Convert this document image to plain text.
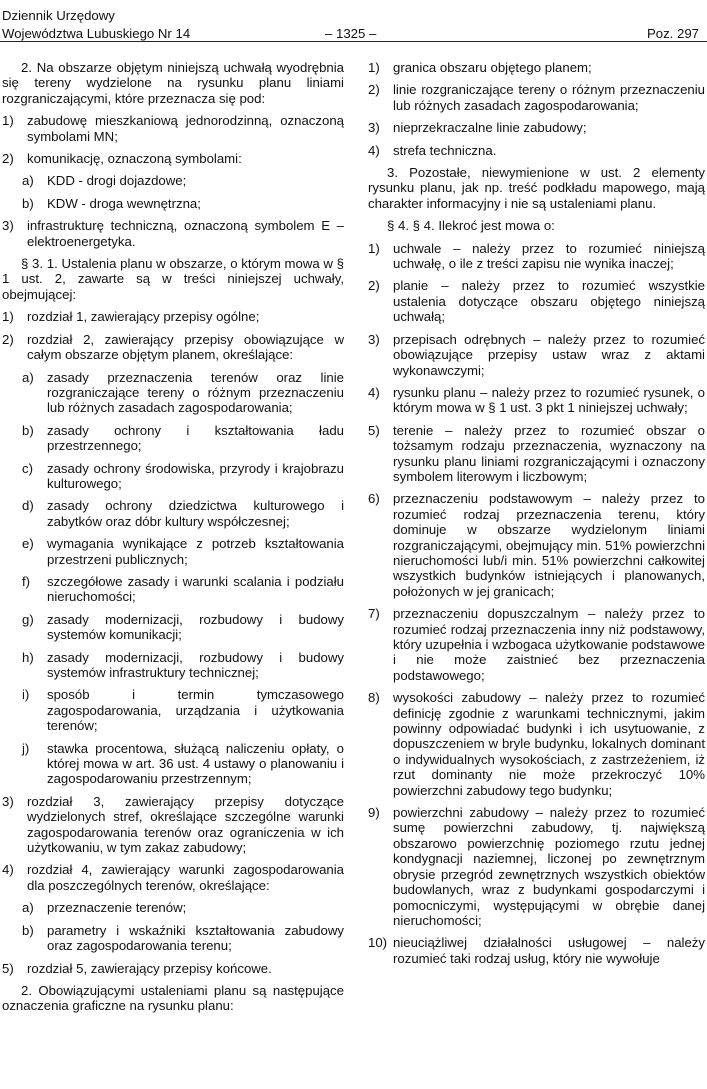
Dziennik Urzędowy
Województwa Lubuskiego Nr 14	– 1325 –	Poz. 297
2. Na obszarze objętym niniejszą uchwałą wyodrębnia się tereny wydzielone na rysunku planu liniami rozgraniczającymi, które przeznacza się pod:
1) zabudowę mieszkaniową jednorodzinną, oznaczoną symbolami MN;
2) komunikację, oznaczoną symbolami:
a) KDD - drogi dojazdowe;
b) KDW - droga wewnętrzna;
3) infrastrukturę techniczną, oznaczoną symbolem E – elektroenergetyka.
§ 3. 1. Ustalenia planu w obszarze, o którym mowa w § 1 ust. 2, zawarte są w treści niniejszej uchwały, obejmującej:
1) rozdział 1, zawierający przepisy ogólne;
2) rozdział 2, zawierający przepisy obowiązujące w całym obszarze objętym planem, określające:
a) zasady przeznaczenia terenów oraz linie rozgraniczające tereny o różnym przeznaczeniu lub różnych zasadach zagospodarowania;
b) zasady ochrony i kształtowania ładu przestrzennego;
c) zasady ochrony środowiska, przyrody i krajobrazu kulturowego;
d) zasady ochrony dziedzictwa kulturowego i zabytków oraz dóbr kultury współczesnej;
e) wymagania wynikające z potrzeb kształtowania przestrzeni publicznych;
f) szczegółowe zasady i warunki scalania i podziału nieruchomości;
g) zasady modernizacji, rozbudowy i budowy systemów komunikacji;
h) zasady modernizacji, rozbudowy i budowy systemów infrastruktury technicznej;
i) sposób i termin tymczasowego zagospodarowania, urządzania i użytkowania terenów;
j) stawka procentowa, służącą naliczeniu opłaty, o której mowa w art. 36 ust. 4 ustawy o planowaniu i zagospodarowaniu przestrzennym;
3) rozdział 3, zawierający przepisy dotyczące wydzielonych stref, określające szczególne warunki zagospodarowania terenów oraz ograniczenia w ich użytkowaniu, w tym zakaz zabudowy;
4) rozdział 4, zawierający warunki zagospodarowania dla poszczególnych terenów, określające:
a) przeznaczenie terenów;
b) parametry i wskaźniki kształtowania zabudowy oraz zagospodarowania terenu;
5) rozdział 5, zawierający przepisy końcowe.
2. Obowiązującymi ustaleniami planu są następujące oznaczenia graficzne na rysunku planu:
1) granica obszaru objętego planem;
2) linie rozgraniczające tereny o różnym przeznaczeniu lub różnych zasadach zagospodarowania;
3) nieprzekraczalne linie zabudowy;
4) strefa techniczna.
3. Pozostałe, niewymienione w ust. 2 elementy rysunku planu, jak np. treść podkładu mapowego, mają charakter informacyjny i nie są ustaleniami planu.
§ 4. § 4. Ilekroć jest mowa o:
1) uchwale – należy przez to rozumieć niniejszą uchwałę, o ile z treści zapisu nie wynika inaczej;
2) planie – należy przez to rozumieć wszystkie ustalenia dotyczące obszaru objętego niniejszą uchwałą;
3) przepisach odrębnych – należy przez to rozumieć obowiązujące przepisy ustaw wraz z aktami wykonawczymi;
4) rysunku planu – należy przez to rozumieć rysunek, o którym mowa w § 1 ust. 3 pkt 1 niniejszej uchwały;
5) terenie – należy przez to rozumieć obszar o tożsamym rodzaju przeznaczenia, wyznaczony na rysunku planu liniami rozgraniczającymi i oznaczony symbolem literowym i liczbowym;
6) przeznaczeniu podstawowym – należy przez to rozumieć rodzaj przeznaczenia terenu, który dominuje w obszarze wydzielonym liniami rozgraniczającymi, obejmujący min. 51% powierzchni nieruchomości lub/i min. 51% powierzchni całkowitej wszystkich budynków istniejących i planowanych, położonych w jej granicach;
7) przeznaczeniu dopuszczalnym – należy przez to rozumieć rodzaj przeznaczenia inny niż podstawowy, który uzupełnia i wzbogaca użytkowanie podstawowe i nie może zaistnieć bez przeznaczenia podstawowego;
8) wysokości zabudowy – należy przez to rozumieć definicję zgodnie z warunkami technicznymi, jakim powinny odpowiadać budynki i ich usytuowanie, z dopuszczeniem w bryle budynku, lokalnych dominant o indywidualnych wysokościach, z zastrzeżeniem, iż rzut dominanty nie może przekroczyć 10% powierzchni zabudowy tego budynku;
9) powierzchni zabudowy – należy przez to rozumieć sumę powierzchni zabudowy, tj. największą obszarowo powierzchnię poziomego rzutu jednej kondygnacji naziemnej, liczonej po zewnętrznym obrysie przegród zewnętrznych wszystkich obiektów budowlanych, wraz z budynkami gospodarczymi i pomocniczymi, występującymi w obrębie danej nieruchomości;
10) nieuciążliwej działalności usługowej – należy rozumieć taki rodzaj usług, który nie wywołuje
